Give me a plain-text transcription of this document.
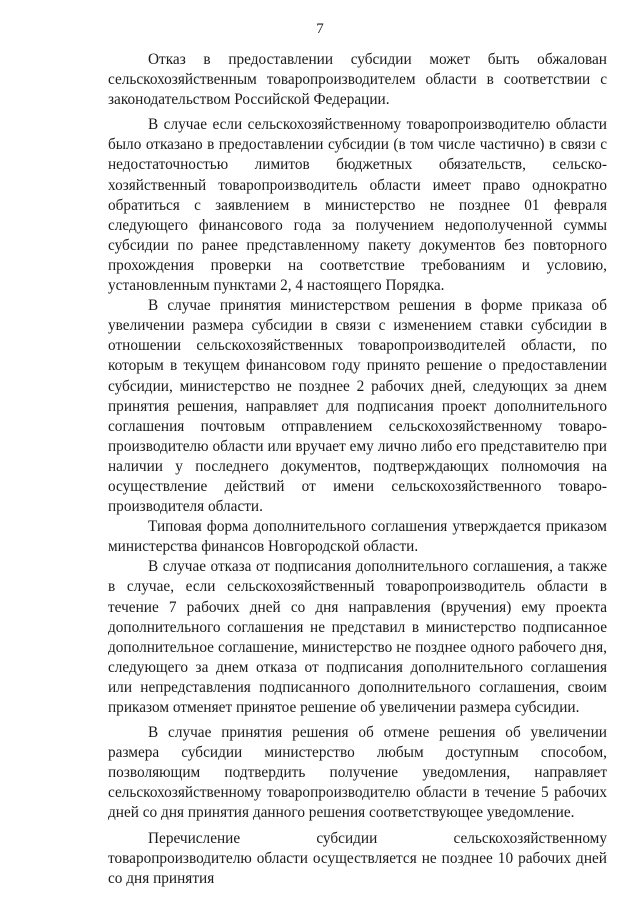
7

Отказ в предоставлении субсидии может быть обжалован сельскохозяйственным товаропроизводителем области в соответствии с законодательством Российской Федерации.

В случае если сельскохозяйственному товаропроизводителю области было отказано в предоставлении субсидии (в том числе частично) в связи с недостаточностью лимитов бюджетных обязательств, сельско-хозяйственный товаропроизводитель области имеет право однократно обратиться с заявлением в министерство не позднее 01 февраля следующего финансового года за получением недополученной суммы субсидии по ранее представленному пакету документов без повторного прохождения проверки на соответствие требованиям и условию, установленным пунктами 2, 4 настоящего Порядка.

В случае принятия министерством решения в форме приказа об увеличении размера субсидии в связи с изменением ставки субсидии в отношении сельскохозяйственных товаропроизводителей области, по которым в текущем финансовом году принято решение о предоставлении субсидии, министерство не позднее 2 рабочих дней, следующих за днем принятия решения, направляет для подписания проект дополнительного соглашения почтовым отправлением сельскохозяйственному товаро-производителю области или вручает ему лично либо его представителю при наличии у последнего документов, подтверждающих полномочия на осуществление действий от имени сельскохозяйственного товаро-производителя области.

Типовая форма дополнительного соглашения утверждается приказом министерства финансов Новгородской области.

В случае отказа от подписания дополнительного соглашения, а также в случае, если сельскохозяйственный товаропроизводитель области в течение 7 рабочих дней со дня направления (вручения) ему проекта дополнительного соглашения не представил в министерство подписанное дополнительное соглашение, министерство не позднее одного рабочего дня, следующего за днем отказа от подписания дополнительного соглашения или непредставления подписанного дополнительного соглашения, своим приказом отменяет принятое решение об увеличении размера субсидии.

В случае принятия решения об отмене решения об увеличении размера субсидии министерство любым доступным способом, позволяющим подтвердить получение уведомления, направляет сельскохозяйственному товаропроизводителю области в течение 5 рабочих дней со дня принятия данного решения соответствующее уведомление.

Перечисление субсидии сельскохозяйственному товаропроизводителю области осуществляется не позднее 10 рабочих дней со дня принятия
